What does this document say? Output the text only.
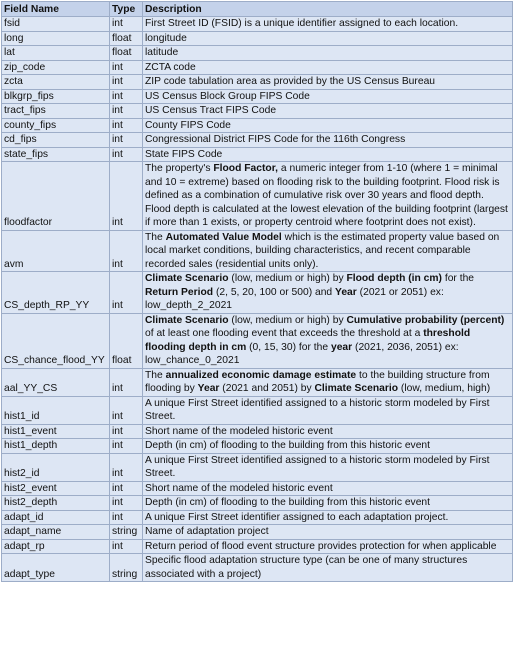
Field Name	Type	Description
fsid	int	First Street ID (FSID) is a unique identifier assigned to each location.
long	float	longitude
lat	float	latitude
zip_code	int	ZCTA code
zcta	int	ZIP code tabulation area as provided by the US Census Bureau
blkgrp_fips	int	US Census Block Group FIPS Code
tract_fips	int	US Census Tract FIPS Code
county_fips	int	County FIPS Code
cd_fips	int	Congressional District FIPS Code for the 116th Congress
state_fips	int	State FIPS Code
floodfactor	int	The property's Flood Factor, a numeric integer from 1-10 (where 1 = minimal and 10 = extreme) based on flooding risk to the building footprint. Flood risk is defined as a combination of cumulative risk over 30 years and flood depth. Flood depth is calculated at the lowest elevation of the building footprint (largest if more than 1 exists, or property centroid where footprint does not exist).
avm	int	The Automated Value Model which is the estimated property value based on local market conditions, building characteristics, and recent comparable recorded sales (residential units only).
CS_depth_RP_YY	int	Climate Scenario (low, medium or high) by Flood depth (in cm) for the Return Period (2, 5, 20, 100 or 500) and Year (2021 or 2051) ex: low_depth_2_2021
CS_chance_flood_YY	float	Climate Scenario (low, medium or high) by Cumulative probability (percent) of at least one flooding event that exceeds the threshold at a threshold flooding depth in cm (0, 15, 30) for the year (2021, 2036, 2051) ex: low_chance_0_2021
aal_YY_CS	int	The annualized economic damage estimate to the building structure from flooding by Year (2021 and 2051) by Climate Scenario (low, medium, high)
hist1_id	int	A unique First Street identified assigned to a historic storm modeled by First Street.
hist1_event	int	Short name of the modeled historic event
hist1_depth	int	Depth (in cm) of flooding to the building from this historic event
hist2_id	int	A unique First Street identified assigned to a historic storm modeled by First Street.
hist2_event	int	Short name of the modeled historic event
hist2_depth	int	Depth (in cm) of flooding to the building from this historic event
adapt_id	int	A unique First Street identifier assigned to each adaptation project.
adapt_name	string	Name of adaptation project
adapt_rp	int	Return period of flood event structure provides protection for when applicable
adapt_type	string	Specific flood adaptation structure type (can be one of many structures associated with a project)
